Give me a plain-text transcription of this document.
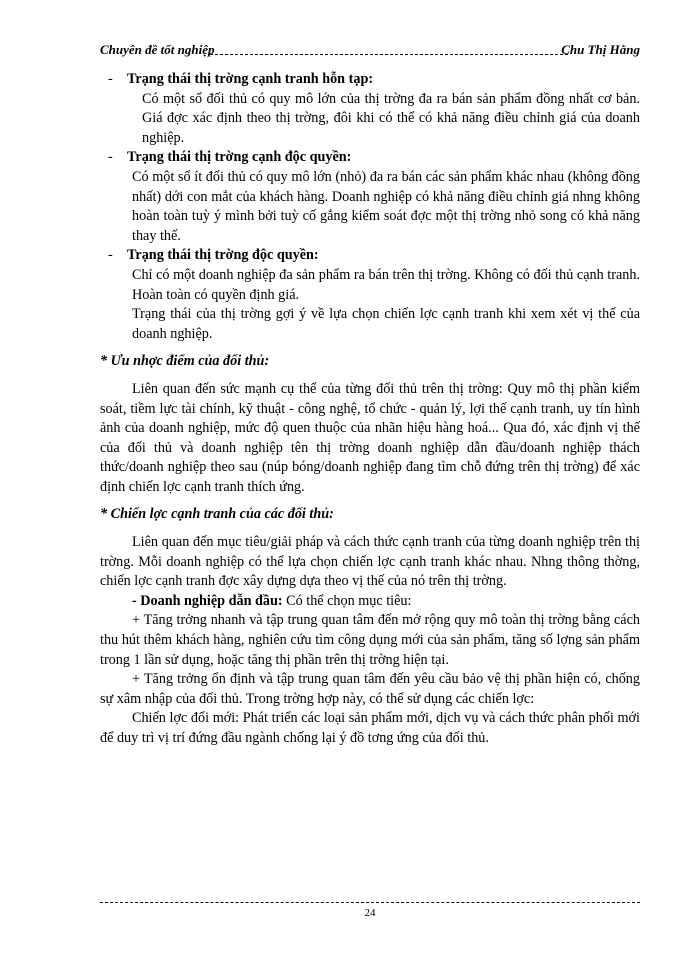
Chuyên đề tốt nghiệp	Chu Thị Hằng
-	Trạng thái thị trờng cạnh tranh hỗn tạp:

Có một số đối thủ có quy mô lớn của thị trờng đa ra bán sản phẩm đồng nhất cơ bản. Giá đợc xác định theo thị trờng, đôi khi có thể có khả năng điều chỉnh giá của doanh nghiệp.

-	Trạng thái thị trờng cạnh độc quyền:

Có một số ít đối thủ có quy mô lớn (nhỏ) đa ra bán các sản phẩm khác nhau (không đồng nhất) dới con mắt của khách hàng. Doanh nghiệp có khả năng điều chỉnh giá nhng không hoàn toàn tuỳ ý mình bởi tuỳ cố gắng kiểm soát đợc một thị trờng nhỏ song có khả năng thay thế.

-	Trạng thái thị trờng độc quyền:

Chỉ có một doanh nghiệp đa sản phẩm ra bán trên thị trờng. Không có đối thủ cạnh tranh. Hoàn toàn có quyền định giá.

Trạng thái của thị trờng gợi ý về lựa chọn chiến lợc cạnh tranh khi xem xét vị thế của doanh nghiệp.

* Ưu nhợc điểm của đối thủ:

Liên quan đến sức mạnh cụ thể của từng đối thủ trên thị trờng: Quy mô thị phần kiểm soát, tiềm lực tài chính, kỹ thuật - công nghệ, tổ chức - quản lý, lợi thế cạnh tranh, uy tín hình ảnh của doanh nghiệp, mức độ quen thuộc của nhãn hiệu hàng hoá... Qua đó, xác định vị thế của đối thủ và doanh nghiệp tên thị trờng doanh nghiệp dẫn đầu/doanh nghiệp thách thức/doanh nghiệp theo sau (núp bóng/doanh nghiệp đang tìm chỗ đứng trên thị trờng) để xác định chiến lợc cạnh tranh thích ứng.

* Chiến lợc cạnh tranh của các đối thủ:

Liên quan đến mục tiêu/giải pháp và cách thức cạnh tranh của từng doanh nghiệp trên thị trờng. Mỗi doanh nghiệp có thể lựa chọn chiến lợc cạnh tranh khác nhau. Nhng thông thờng, chiến lợc cạnh tranh đợc xây dựng dựa theo vị thế của nó trên thị trờng.

- Doanh nghiệp dẫn đầu: Có thể chọn mục tiêu:

+ Tăng trởng nhanh và tập trung quan tâm đến mở rộng quy mô toàn thị trờng bằng cách thu hút thêm khách hàng, nghiên cứu tìm công dụng mới của sản phẩm, tăng số lợng sản phẩm trong 1 lần sử dụng, hoặc tăng thị phần trên thị trờng hiện tại.

+ Tăng trởng ổn định và tập trung quan tâm đến yêu cầu bảo vệ thị phần hiện có, chống sự xâm nhập của đối thủ. Trong trờng hợp này, có thể sử dụng các chiến lợc:

Chiến lợc đổi mới: Phát triển các loại sản phẩm mới, dịch vụ và cách thức phân phối mới để duy trì vị trí đứng đầu ngành chống lại ý đồ tơng ứng của đối thủ.

24
